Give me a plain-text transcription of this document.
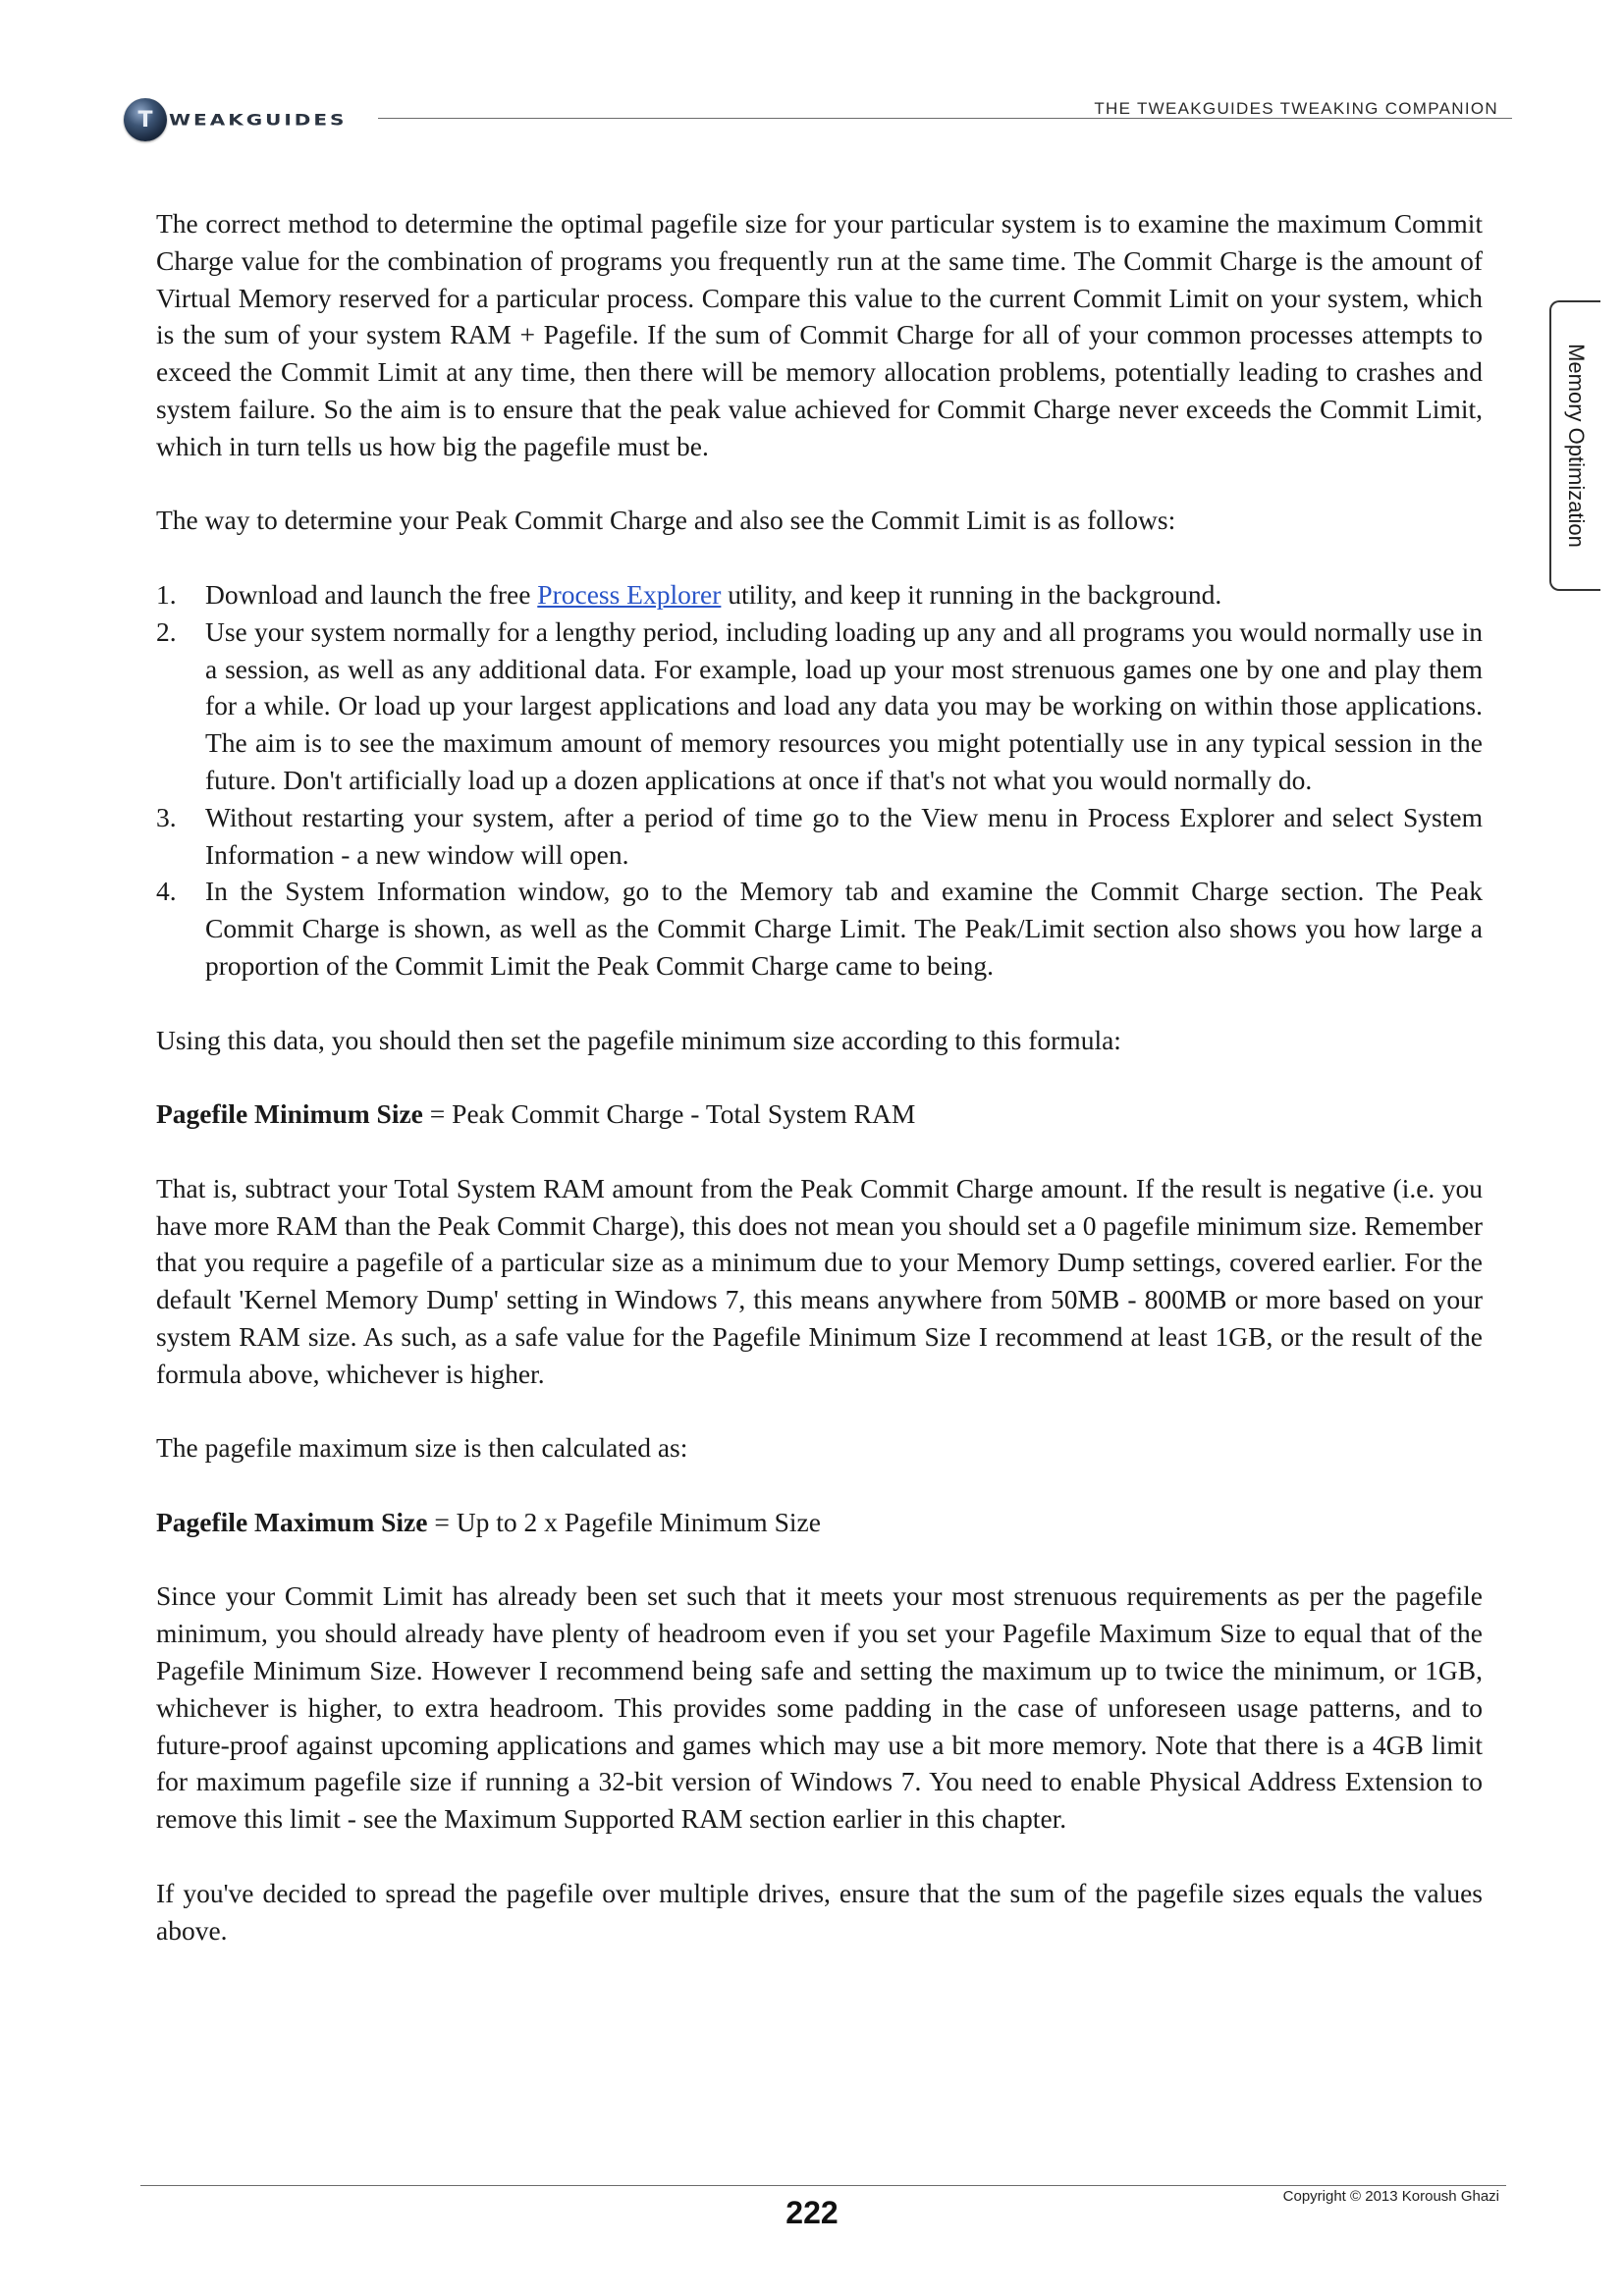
T WEAKGUIDES
THE TWEAKGUIDES TWEAKING COMPANION
Memory Optimization

The correct method to determine the optimal pagefile size for your particular system is to examine the maximum Commit Charge value for the combination of programs you frequently run at the same time. The Commit Charge is the amount of Virtual Memory reserved for a particular process. Compare this value to the current Commit Limit on your system, which is the sum of your system RAM + Pagefile. If the sum of Commit Charge for all of your common processes attempts to exceed the Commit Limit at any time, then there will be memory allocation problems, potentially leading to crashes and system failure. So the aim is to ensure that the peak value achieved for Commit Charge never exceeds the Commit Limit, which in turn tells us how big the pagefile must be.

The way to determine your Peak Commit Charge and also see the Commit Limit is as follows:

1. Download and launch the free Process Explorer utility, and keep it running in the background.
2. Use your system normally for a lengthy period, including loading up any and all programs you would normally use in a session, as well as any additional data. For example, load up your most strenuous games one by one and play them for a while. Or load up your largest applications and load any data you may be working on within those applications. The aim is to see the maximum amount of memory resources you might potentially use in any typical session in the future. Don't artificially load up a dozen applications at once if that's not what you would normally do.
3. Without restarting your system, after a period of time go to the View menu in Process Explorer and select System Information - a new window will open.
4. In the System Information window, go to the Memory tab and examine the Commit Charge section. The Peak Commit Charge is shown, as well as the Commit Charge Limit. The Peak/Limit section also shows you how large a proportion of the Commit Limit the Peak Commit Charge came to being.

Using this data, you should then set the pagefile minimum size according to this formula:

Pagefile Minimum Size = Peak Commit Charge - Total System RAM

That is, subtract your Total System RAM amount from the Peak Commit Charge amount. If the result is negative (i.e. you have more RAM than the Peak Commit Charge), this does not mean you should set a 0 pagefile minimum size. Remember that you require a pagefile of a particular size as a minimum due to your Memory Dump settings, covered earlier. For the default 'Kernel Memory Dump' setting in Windows 7, this means anywhere from 50MB - 800MB or more based on your system RAM size. As such, as a safe value for the Pagefile Minimum Size I recommend at least 1GB, or the result of the formula above, whichever is higher.

The pagefile maximum size is then calculated as:

Pagefile Maximum Size = Up to 2 x Pagefile Minimum Size

Since your Commit Limit has already been set such that it meets your most strenuous requirements as per the pagefile minimum, you should already have plenty of headroom even if you set your Pagefile Maximum Size to equal that of the Pagefile Minimum Size. However I recommend being safe and setting the maximum up to twice the minimum, or 1GB, whichever is higher, to extra headroom. This provides some padding in the case of unforeseen usage patterns, and to future-proof against upcoming applications and games which may use a bit more memory. Note that there is a 4GB limit for maximum pagefile size if running a 32-bit version of Windows 7. You need to enable Physical Address Extension to remove this limit - see the Maximum Supported RAM section earlier in this chapter.

If you've decided to spread the pagefile over multiple drives, ensure that the sum of the pagefile sizes equals the values above.

222	Copyright © 2013 Koroush Ghazi
